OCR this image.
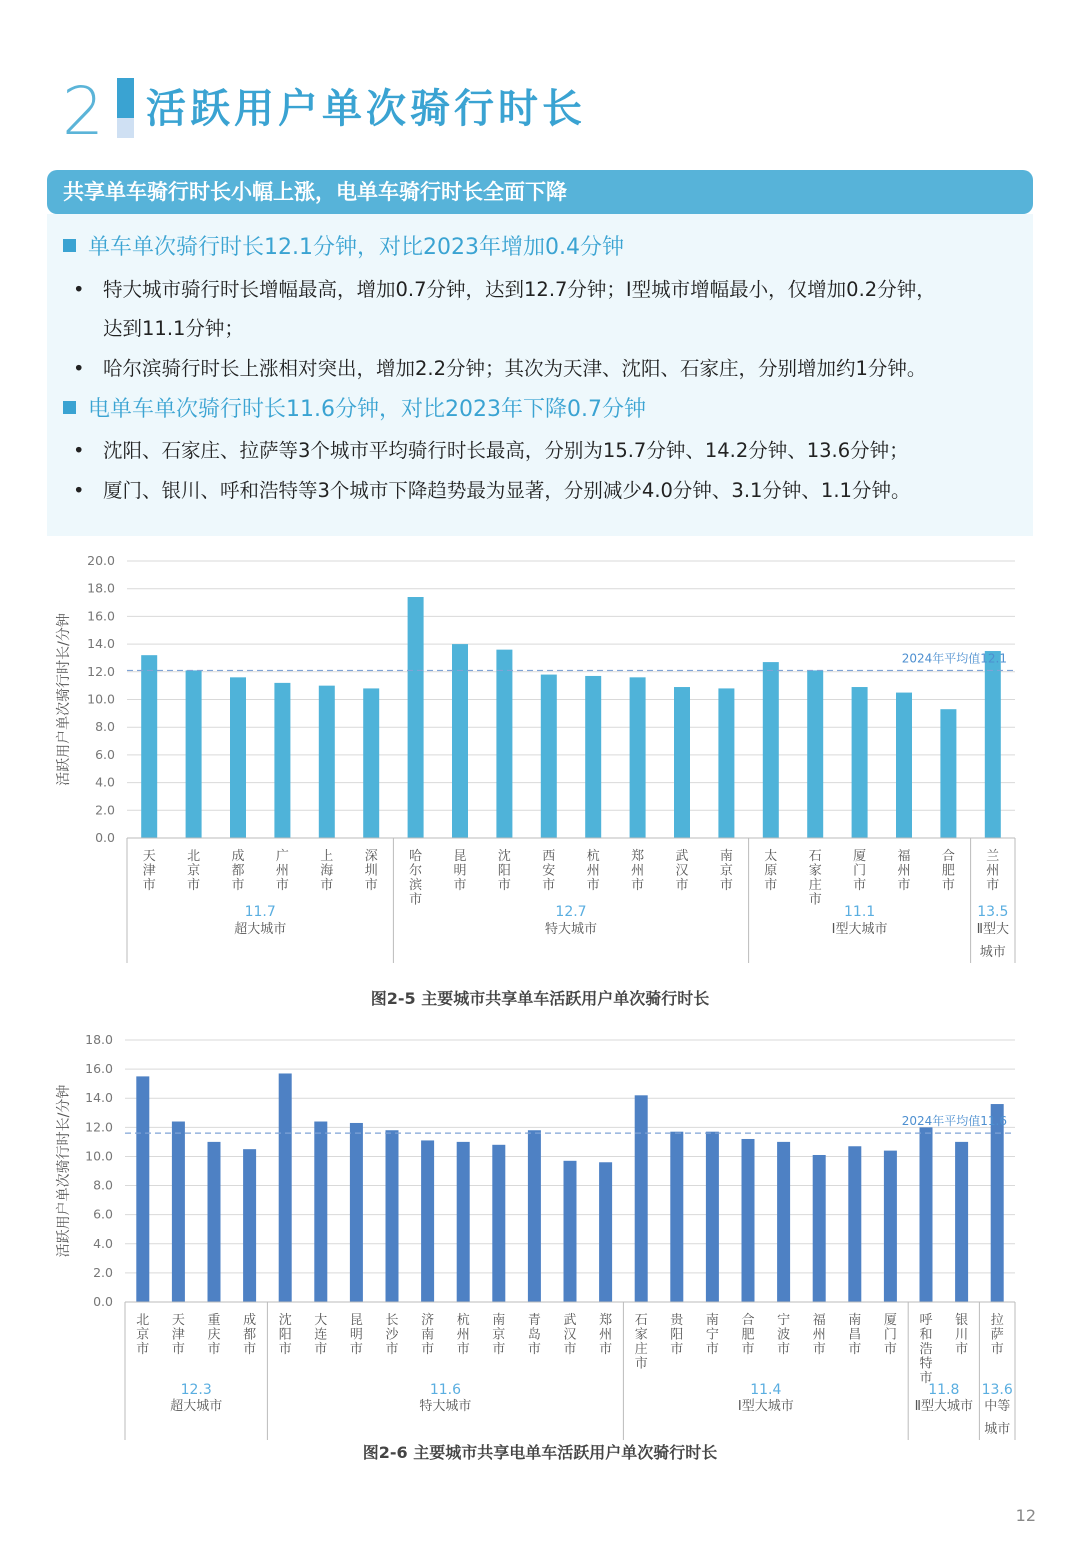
2 活跃用户单次骑行时长
共享单车骑行时长小幅上涨，电单车骑行时长全面下降
单车单次骑行时长12.1分钟，对比2023年增加0.4分钟
• 特大城市骑行时长增幅最高，增加0.7分钟，达到12.7分钟；I型城市增幅最小，仅增加0.2分钟，
达到11.1分钟；
• 哈尔滨骑行时长上涨相对突出，增加2.2分钟；其次为天津、沈阳、石家庄，分别增加约1分钟。
电单车单次骑行时长11.6分钟，对比2023年下降0.7分钟
• 沈阳、石家庄、拉萨等3个城市平均骑行时长最高，分别为15.7分钟、14.2分钟、13.6分钟；
• 厦门、银川、呼和浩特等3个城市下降趋势最为显著，分别减少4.0分钟、3.1分钟、1.1分钟。
活跃用户单次骑行时长/分钟
0.0
2.0
4.0
6.0
8.0
10.0
12.0
14.0
16.0
18.0
20.0
2024年平均值12.1
天
津
市
北
京
市
成
都
市
广
州
市
上
海
市
深
圳
市
哈
尔
滨
市
昆
明
市
沈
阳
市
西
安
市
杭
州
市
郑
州
市
武
汉
市
南
京
市
太
原
市
石
家
庄
市
厦
门
市
福
州
市
合
肥
市
兰
州
市
11.7
超大城市
12.7
特大城市
11.1
Ⅰ型大城市
13.5
Ⅱ型大
城市
图2-5 主要城市共享单车活跃用户单次骑行时长
活跃用户单次骑行时长/分钟
0.0
2.0
4.0
6.0
8.0
10.0
12.0
14.0
16.0
18.0
2024年平均值11.6
北
京
市
天
津
市
重
庆
市
成
都
市
沈
阳
市
大
连
市
昆
明
市
长
沙
市
济
南
市
杭
州
市
南
京
市
青
岛
市
武
汉
市
郑
州
市
石
家
庄
市
贵
阳
市
南
宁
市
合
肥
市
宁
波
市
福
州
市
南
昌
市
厦
门
市
呼
和
浩
特
市
银
川
市
拉
萨
市
12.3
超大城市
11.6
特大城市
11.4
Ⅰ型大城市
11.8
Ⅱ型大城市
13.6
中等
城市
图2-6 主要城市共享电单车活跃用户单次骑行时长
12
